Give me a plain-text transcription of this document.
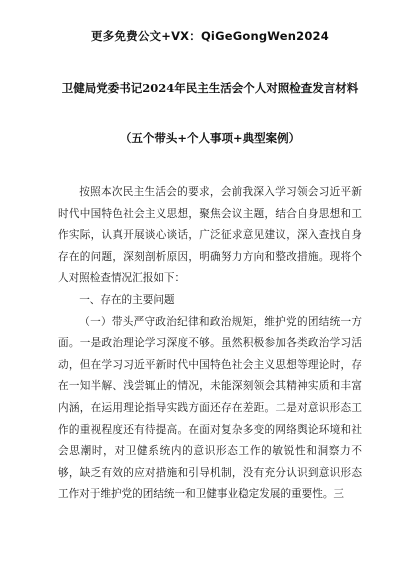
更多免费公文+VX：QiGeGongWen2024
卫健局党委书记2024年民主生活会个人对照检查发言材料
（五个带头+个人事项+典型案例）

按照本次民主生活会的要求，会前我深入学习领会习近平新时代中国特色社会主义思想，聚焦会议主题，结合自身思想和工作实际，认真开展谈心谈话，广泛征求意见建议，深入查找自身存在的问题，深刻剖析原因，明确努力方向和整改措施。现将个人对照检查情况汇报如下：

一、存在的主要问题

（一）带头严守政治纪律和政治规矩，维护党的团结统一方面。一是政治理论学习深度不够。虽然积极参加各类政治学习活动，但在学习习近平新时代中国特色社会主义思想等理论时，存在一知半解、浅尝辄止的情况，未能深刻领会其精神实质和丰富内涵，在运用理论指导实践方面还存在差距。二是对意识形态工作的重视程度还有待提高。在面对复杂多变的网络舆论环境和社会思潮时，对卫健系统内的意识形态工作的敏锐性和洞察力不够，缺乏有效的应对措施和引导机制，没有充分认识到意识形态工作对于维护党的团结统一和卫健事业稳定发展的重要性。三
